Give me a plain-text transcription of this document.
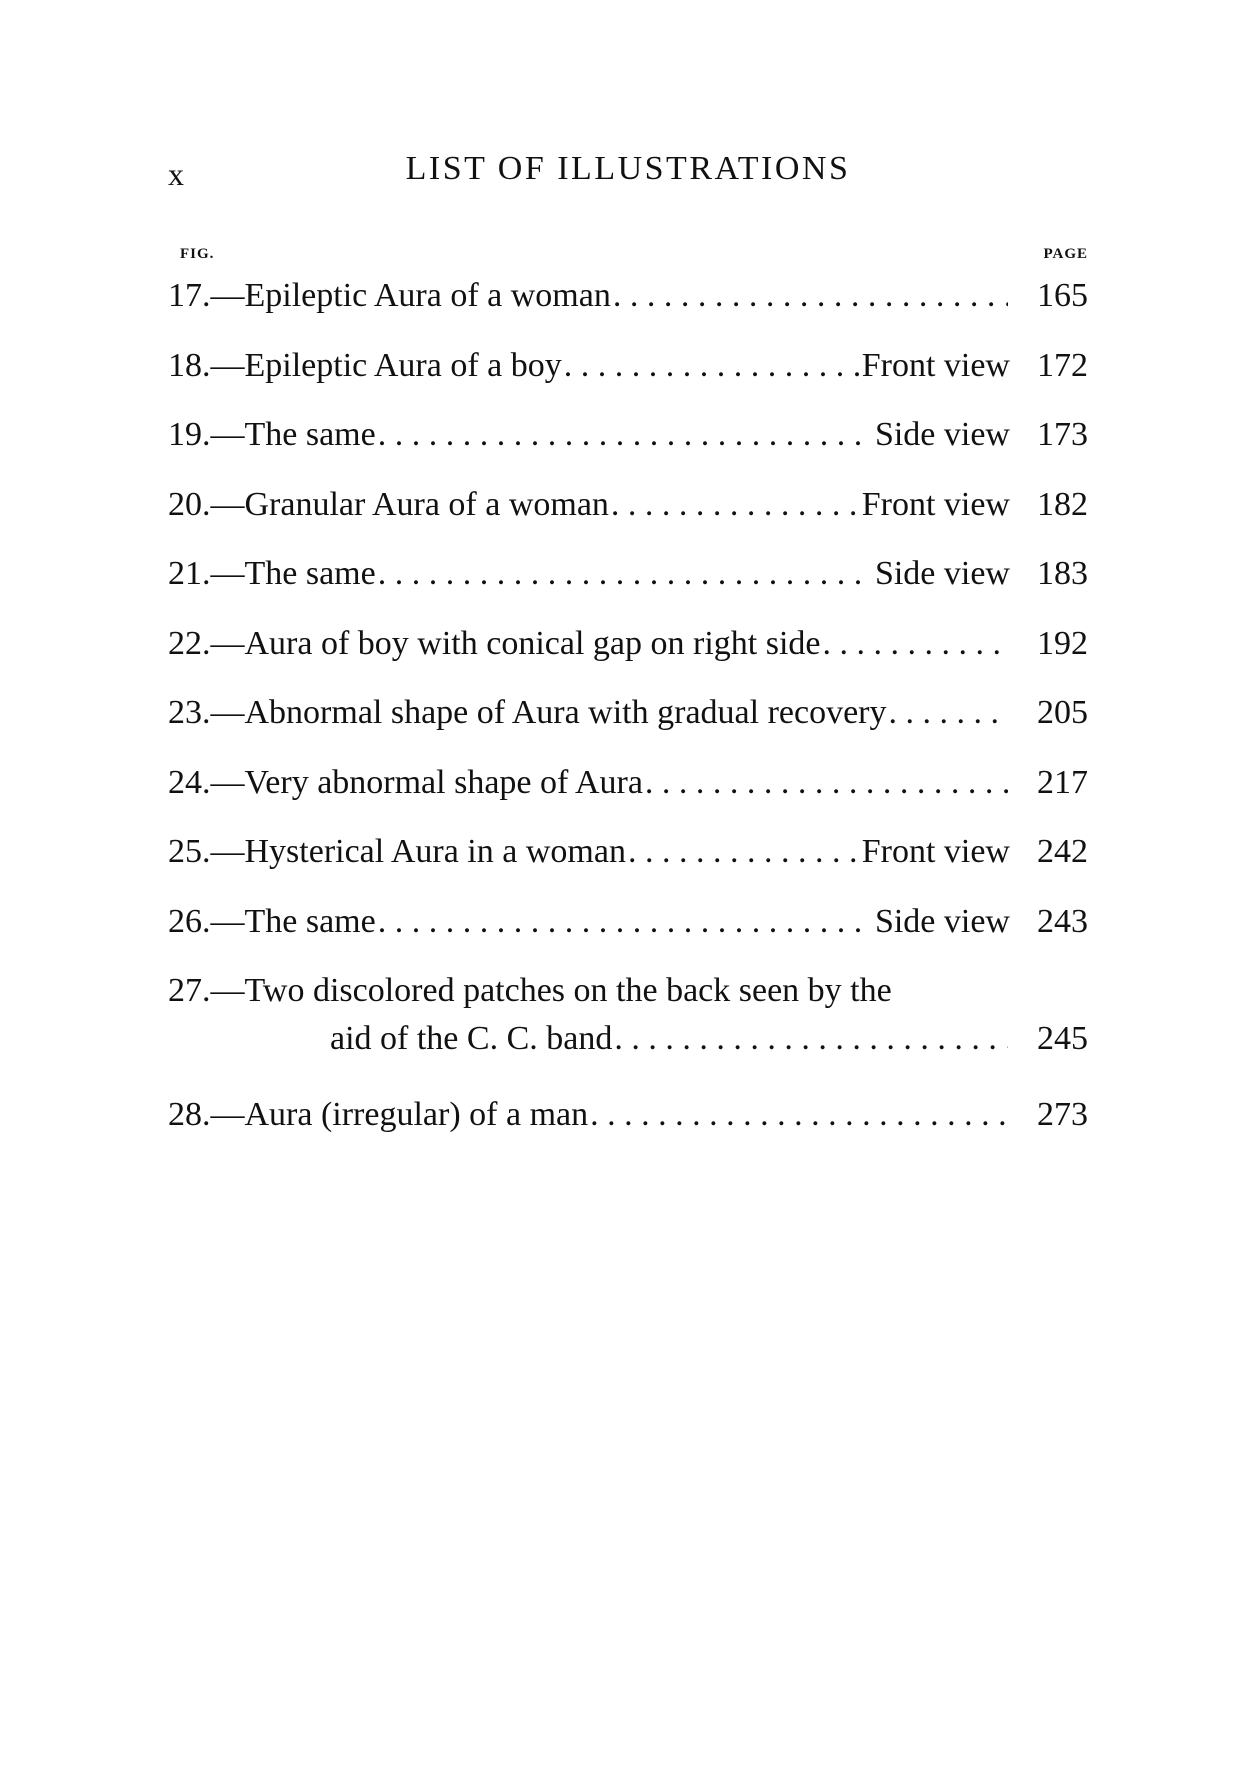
x	LIST OF ILLUSTRATIONS
FIG.	PAGE
17. —Epileptic Aura of a woman . . .	165
18. —Epileptic Aura of a boy . . .	Front view 172
19. —The same . . .	Side view 173
20. —Granular Aura of a woman . . .	Front view 182
21. —The same . . .	Side view 183
22. —Aura of boy with conical gap on right side . . .	192
23. —Abnormal shape of Aura with gradual recovery . . .	205
24. —Very abnormal shape of Aura . . .	217
25. —Hysterical Aura in a woman . . .	Front view 242
26. —The same . . .	Side view 243
27. —Two discolored patches on the back seen by the
aid of the C. C. band . . .	245
28. —Aura (irregular) of a man . . .	273
